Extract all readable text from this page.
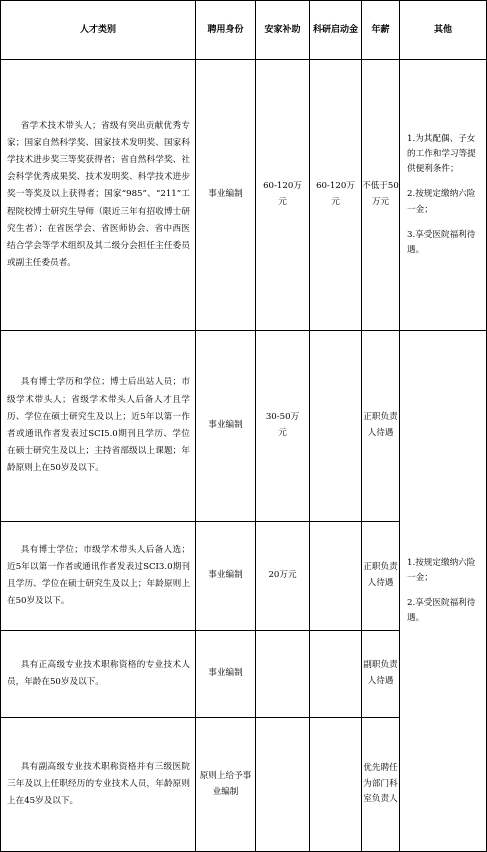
人才类别	聘用身份	安家补助	科研启动金	年薪	其他
省学术技术带头人；省级有突出贡献优秀专家；国家自然科学奖、国家技术发明奖、国家科学技术进步奖三等奖获得者；省自然科学奖、社会科学优秀成果奖、技术发明奖、科学技术进步奖一等奖及以上获得者；国家“985”、“211”工程院校博士研究生导师（限近三年有招收博士研究生者）；在省医学会、省医师协会、省中西医结合学会等学术组织及其二级分会担任主任委员或副主任委员者。	事业编制	60-120万元	60-120万元	不低于50万元	1.为其配偶、子女的工作和学习等提供便利条件；

2.按规定缴纳六险一金；

3.享受医院福利待遇。

具有博士学历和学位；博士后出站人员；市级学术带头人；省级学术带头人后备人才且学历、学位在硕士研究生及以上；近5年以第一作者或通讯作者发表过SCI5.0期刊且学历、学位在硕士研究生及以上；主持省部级以上课题；年龄原则上在50岁及以下。	事业编制	30-50万元		正职负责人待遇	1.按规定缴纳六险一金；

2.享受医院福利待遇。

具有博士学位；市级学术带头人后备人选；近5年以第一作者或通讯作者发表过SCI3.0期刊且学历、学位在硕士研究生及以上；年龄原则上在50岁及以下。	事业编制	20万元		正职负责人待遇	
具有正高级专业技术职称资格的专业技术人员，年龄在50岁及以下。	事业编制			副职负责人待遇	
具有副高级专业技术职称资格并有三级医院三年及以上任职经历的专业技术人员，年龄原则上在45岁及以下。	原则上给予事业编制			优先聘任为部门科室负责人	
